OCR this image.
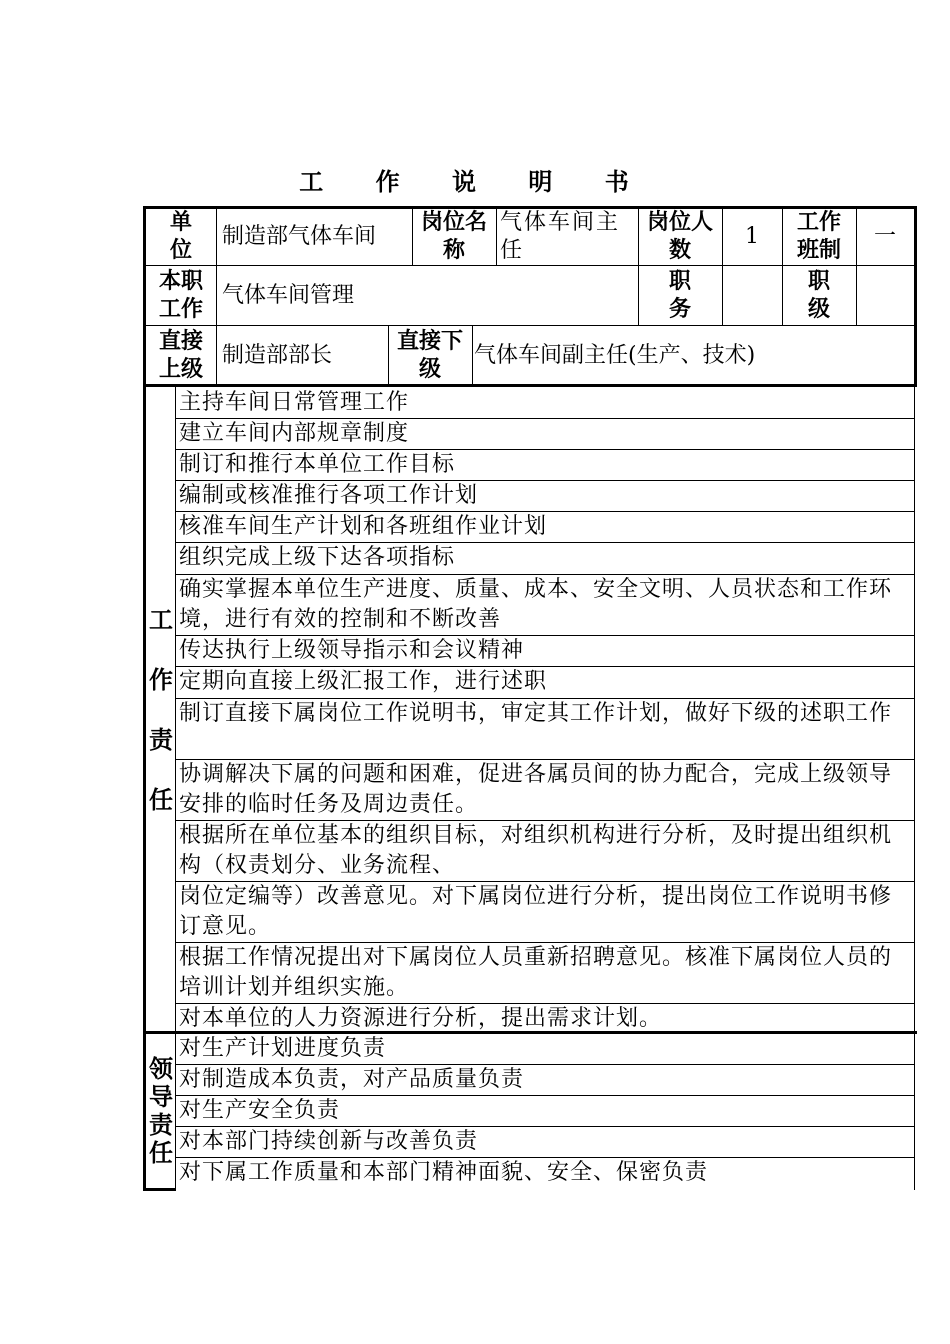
工 作 说 明 书
单
位
制造部气体车间
岗位名
称
气体车间主任
岗位人
数
1
工作
班制
一
本职
工作
气体车间管理
职
务
职
级
直接
上级
制造部部长
直接下
级
气体车间副主任(生产、技术)
工

作

责

任
主持车间日常管理工作
建立车间内部规章制度
制订和推行本单位工作目标
编制或核准推行各项工作计划
核准车间生产计划和各班组作业计划
组织完成上级下达各项指标
确实掌握本单位生产进度、质量、成本、安全文明、人员状态和工作环境，进行有效的控制和不断改善
传达执行上级领导指示和会议精神
定期向直接上级汇报工作，进行述职
制订直接下属岗位工作说明书，审定其工作计划，做好下级的述职工作
协调解决下属的问题和困难，促进各属员间的协力配合，完成上级领导安排的临时任务及周边责任。
根据所在单位基本的组织目标，对组织机构进行分析，及时提出组织机构（权责划分、业务流程、
岗位定编等）改善意见。对下属岗位进行分析，提出岗位工作说明书修订意见。
根据工作情况提出对下属岗位人员重新招聘意见。核准下属岗位人员的培训计划并组织实施。
对本单位的人力资源进行分析，提出需求计划。
领
导
责
任
对生产计划进度负责
对制造成本负责，对产品质量负责
对生产安全负责
对本部门持续创新与改善负责
对下属工作质量和本部门精神面貌、安全、保密负责
